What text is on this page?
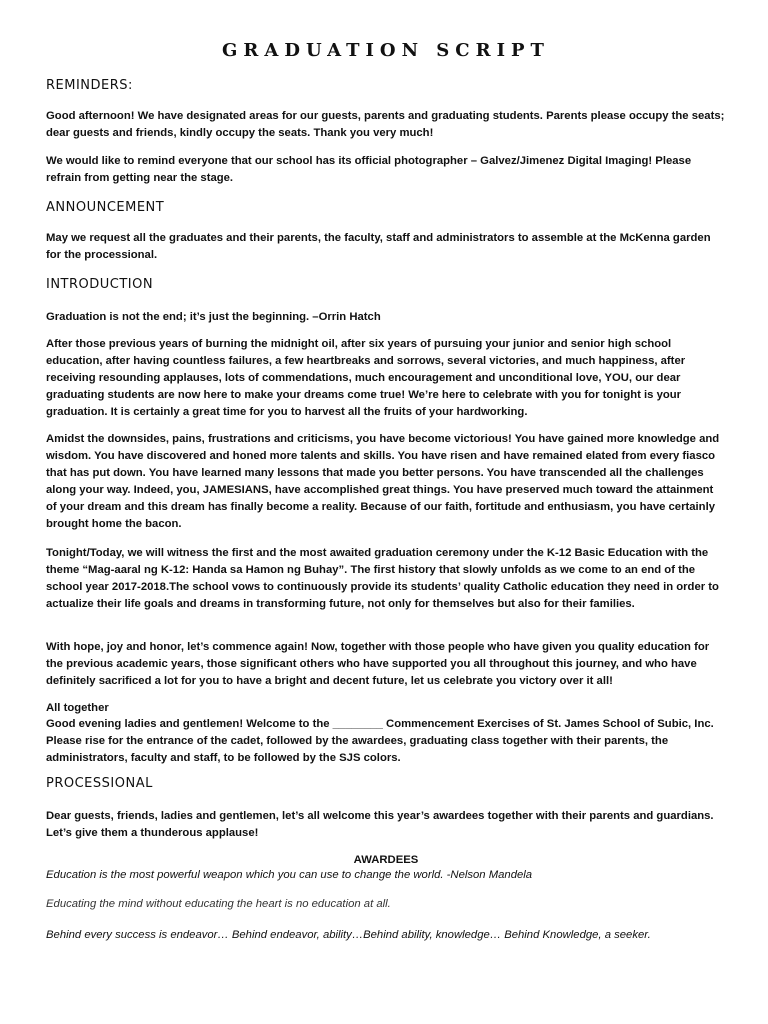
GRADUATION SCRIPT
REMINDERS:

Good afternoon! We have designated areas for our guests, parents and graduating students. Parents please occupy the seats; dear guests and friends, kindly occupy the seats. Thank you very much!

We would like to remind everyone that our school has its official photographer – Galvez/Jimenez Digital Imaging! Please refrain from getting near the stage.

ANNOUNCEMENT

May we request all the graduates and their parents, the faculty, staff and administrators to assemble at the McKenna garden for the processional.

INTRODUCTION

Graduation is not the end; it’s just the beginning. –Orrin Hatch

After those previous years of burning the midnight oil, after six years of pursuing your junior and senior high school education, after having countless failures, a few heartbreaks and sorrows, several victories, and much happiness, after receiving resounding applauses, lots of commendations, much encouragement and unconditional love, YOU, our dear graduating students are now here to make your dreams come true! We’re here to celebrate with you for tonight is your graduation. It is certainly a great time for you to harvest all the fruits of your hardworking.

Amidst the downsides, pains, frustrations and criticisms, you have become victorious! You have gained more knowledge and wisdom. You have discovered and honed more talents and skills. You have risen and have remained elated from every fiasco that has put down. You have learned many lessons that made you better persons. You have transcended all the challenges along your way. Indeed, you, JAMESIANS, have accomplished great things. You have preserved much toward the attainment of your dream and this dream has finally become a reality. Because of our faith, fortitude and enthusiasm, you have certainly brought home the bacon.

Tonight/Today, we will witness the first and the most awaited graduation ceremony under the K-12 Basic Education with the theme “Mag-aaral ng K-12: Handa sa Hamon ng Buhay”. The first history that slowly unfolds as we come to an end of the school year 2017-2018.The school vows to continuously provide its students’ quality Catholic education they need in order to actualize their life goals and dreams in transforming future, not only for themselves but also for their families.

With hope, joy and honor, let’s commence again! Now, together with those people who have given you quality education for the previous academic years, those significant others who have supported you all throughout this journey, and who have definitely sacrificed a lot for you to have a bright and decent future, let us celebrate you victory over it all!

All together

Good evening ladies and gentlemen! Welcome to the ________ Commencement Exercises of St. James School of Subic, Inc. Please rise for the entrance of the cadet, followed by the awardees, graduating class together with their parents, the administrators, faculty and staff, to be followed by the SJS colors.

PROCESSIONAL

Dear guests, friends, ladies and gentlemen, let’s all welcome this year’s awardees together with their parents and guardians. Let’s give them a thunderous applause!

AWARDEES

Education is the most powerful weapon which you can use to change the world. -Nelson Mandela

Educating the mind without educating the heart is no education at all.

Behind every success is endeavor… Behind endeavor, ability…Behind ability, knowledge… Behind Knowledge, a seeker.
